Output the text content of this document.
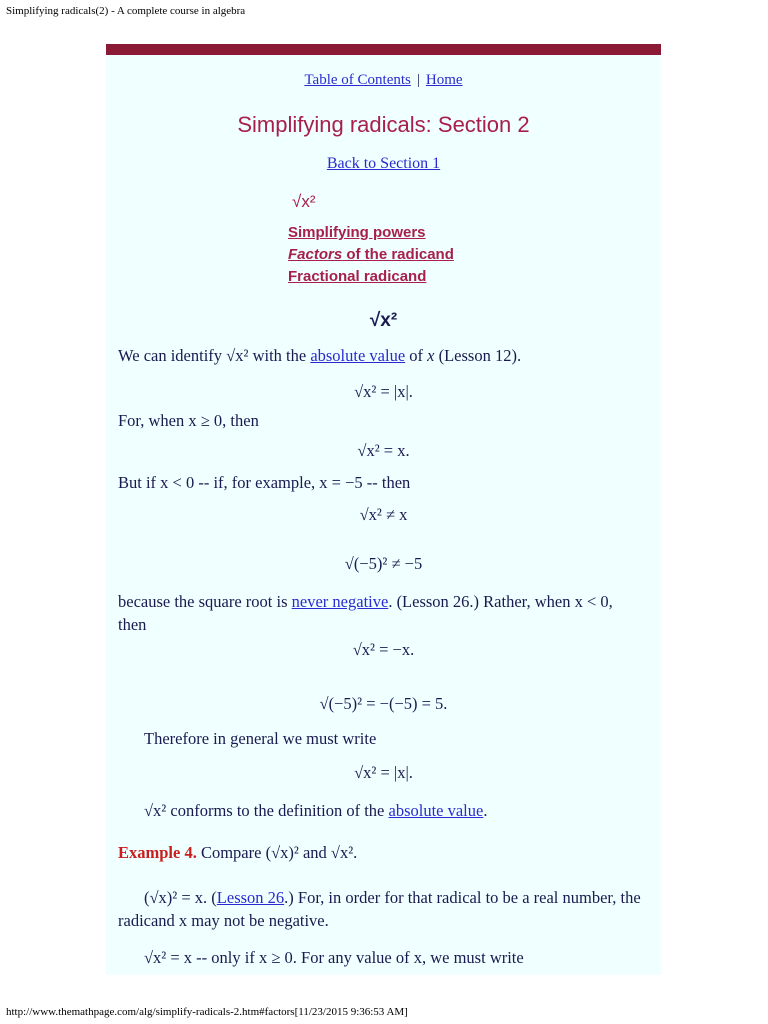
Simplifying radicals(2) - A complete course in algebra
Table of Contents | Home
Simplifying radicals: Section 2
Back to Section 1
√x²
Simplifying powers
Factors of the radicand
Fractional radicand
√x²
We can identify √x² with the absolute value of x (Lesson 12).
√x² = |x|.
For, when x ≥ 0, then
√x² = x.
But if x < 0 -- if, for example, x = −5 -- then
√x² ≠ x
√(−5)² ≠ −5
because the square root is never negative. (Lesson 26.) Rather, when x < 0, then
√x² = −x.
√(−5)² = −(−5) = 5.
Therefore in general we must write
√x² = |x|.
√x² conforms to the definition of the absolute value.
Example 4. Compare (√x)² and √x².
(√x)² = x. (Lesson 26.) For, in order for that radical to be a real number, the radicand x may not be negative.
√x² = x -- only if x ≥ 0. For any value of x, we must write
http://www.themathpage.com/alg/simplify-radicals-2.htm#factors[11/23/2015 9:36:53 AM]
